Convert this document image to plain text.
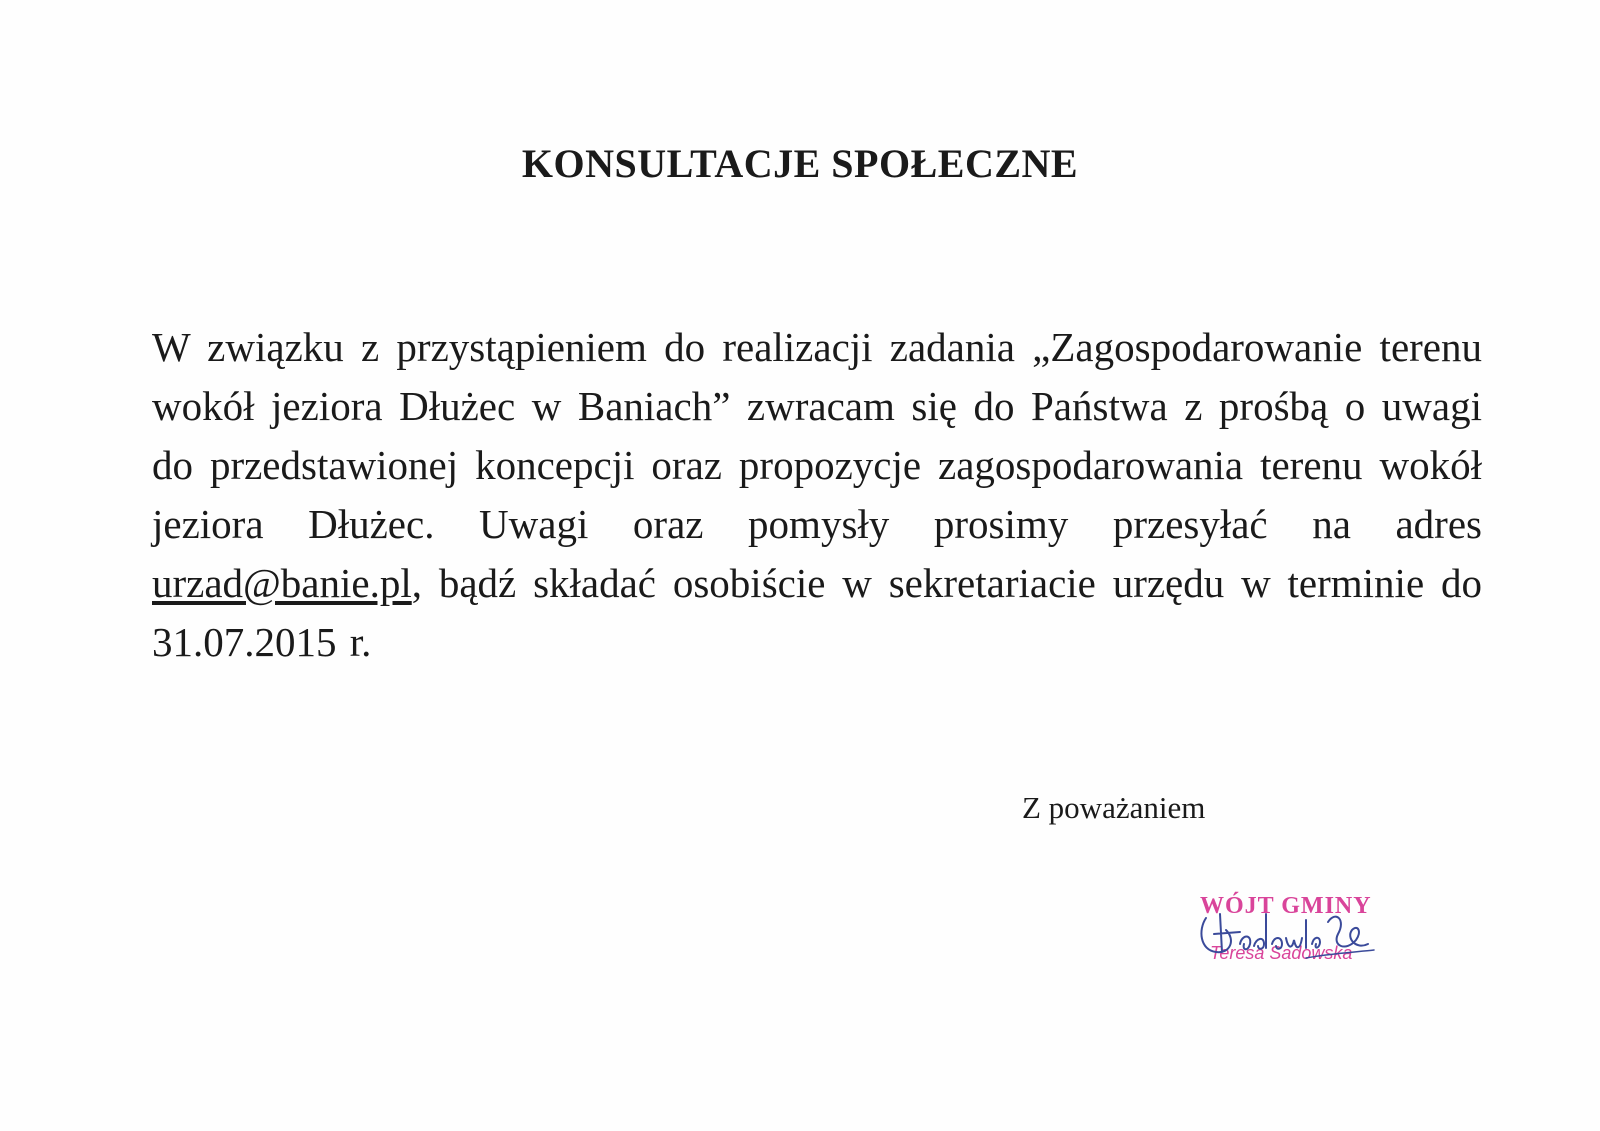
KONSULTACJE SPOŁECZNE

W związku z przystąpieniem do realizacji zadania „Zagospodarowanie terenu wokół jeziora Dłużec w Baniach” zwracam się do Państwa z prośbą o uwagi do przedstawionej koncepcji oraz propozycje zagospodarowania terenu wokół jeziora Dłużec. Uwagi oraz pomysły prosimy przesyłać na adres urzad@banie.pl, bądź składać osobiście w sekretariacie urzędu w terminie do 31.07.2015 r.

Z poważaniem

WÓJT GMINY
Teresa Sadowska
